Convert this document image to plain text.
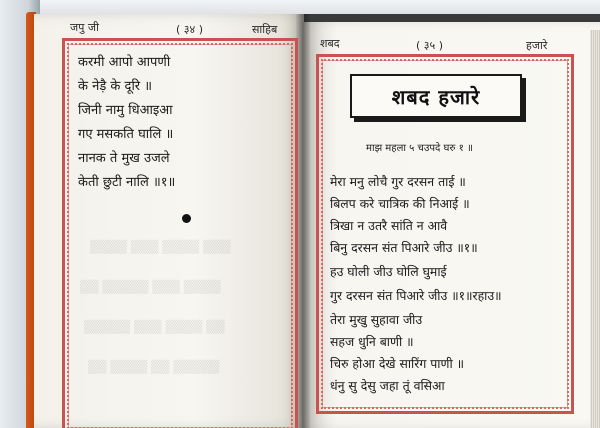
▒▒▒ ▒▒▒▒ ▒▒▒ ▒▒▒▒
▒▒▒▒ ▒▒▒ ▒▒▒▒▒ ▒▒
▒▒ ▒▒▒▒ ▒▒▒ ▒▒▒▒▒
▒▒▒▒▒ ▒▒ ▒▒▒▒ ▒▒
जपु जी	( ३४ )	साहिब
करमी आपो आपणी
के नेड़ै के दूरि ॥
जिनी नामु धिआइआ
गए मसकति घालि ॥
नानक ते मुख उजले
केती छुटी नालि ॥१॥
शबद	( ३५ )	हजारे
शबद हजारे
माझ महला ५ चउपदे घरु १ ॥
मेरा मनु लोचै गुर दरसन ताई ॥
बिलप करे चात्रिक की निआई ॥
त्रिखा न उतरै सांति न आवै
बिनु दरसन संत पिआरे जीउ ॥१॥
हउ घोली जीउ घोलि घुमाई
गुर दरसन संत पिआरे जीउ ॥१॥रहाउ॥
तेरा मुखु सुहावा जीउ
सहज धुनि बाणी ॥
चिरु होआ देखे सारिंग पाणी ॥
धंनु सु देसु जहा तूं वसिआ
